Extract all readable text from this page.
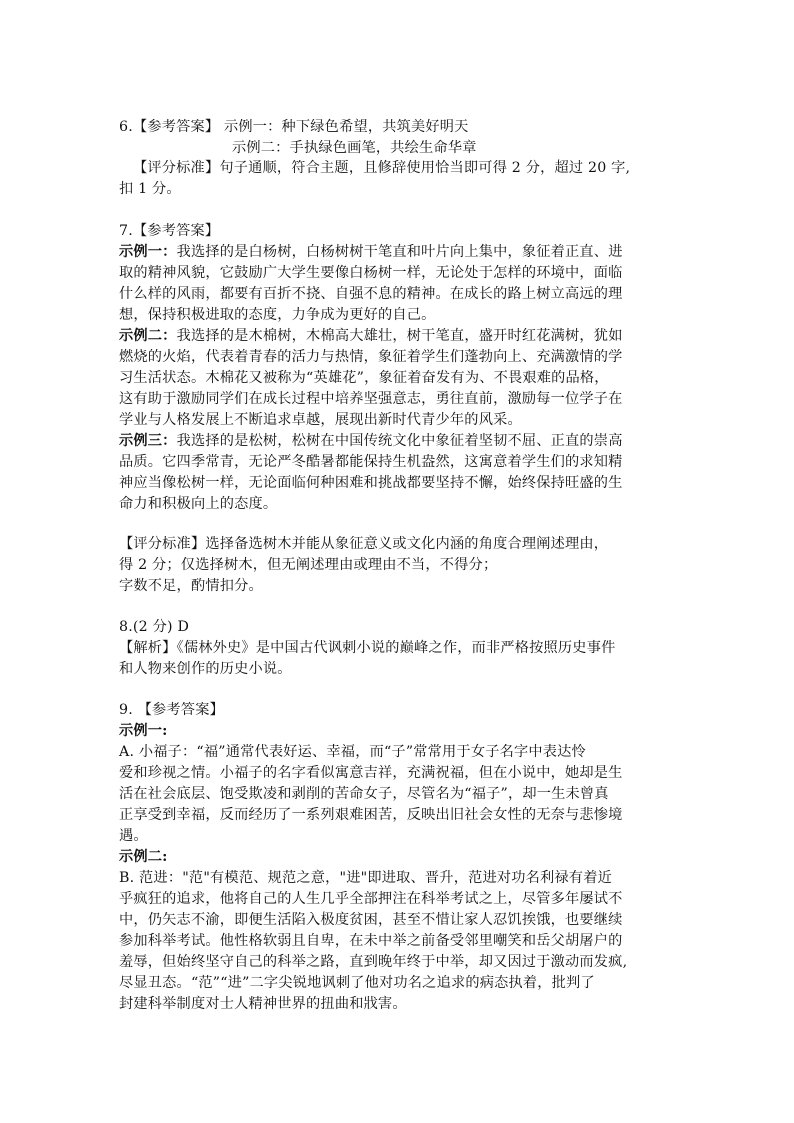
6.【参考答案】 示例一：种下绿色希望，共筑美好明天
示例二：手执绿色画笔，共绘生命华章
【评分标准】句子通顺，符合主题，且修辞使用恰当即可得 2 分，超过 20 字,
扣 1 分。
7.【参考答案】
示例一：我选择的是白杨树，白杨树树干笔直和叶片向上集中，象征着正直、进
取的精神风貌，它鼓励广大学生要像白杨树一样，无论处于怎样的环境中，面临
什么样的风雨，都要有百折不挠、自强不息的精神。在成长的路上树立高远的理
想，保持积极进取的态度，力争成为更好的自己。
示例二：我选择的是木棉树，木棉高大雄壮，树干笔直，盛开时红花满树，犹如
燃烧的火焰，代表着青春的活力与热情，象征着学生们蓬勃向上、充满激情的学
习生活状态。木棉花又被称为“英雄花”，象征着奋发有为、不畏艰难的品格，
这有助于激励同学们在成长过程中培养坚强意志，勇往直前，激励每一位学子在
学业与人格发展上不断追求卓越，展现出新时代青少年的风采。
示例三：我选择的是松树，松树在中国传统文化中象征着坚韧不屈、正直的崇高
品质。它四季常青，无论严冬酷暑都能保持生机盎然，这寓意着学生们的求知精
神应当像松树一样，无论面临何种困难和挑战都要坚持不懈，始终保持旺盛的生
命力和积极向上的态度。
【评分标准】选择备选树木并能从象征意义或文化内涵的角度合理阐述理由，
得 2 分；仅选择树木，但无阐述理由或理由不当，不得分；
字数不足，酌情扣分。
8.(2 分) D
【解析】《儒林外史》是中国古代讽刺小说的巅峰之作，而非严格按照历史事件
和人物来创作的历史小说。
9. 【参考答案】
示例一:
A. 小福子：“福”通常代表好运、幸福，而“子”常常用于女子名字中表达怜
爱和珍视之情。小福子的名字看似寓意吉祥，充满祝福，但在小说中，她却是生
活在社会底层、饱受欺凌和剥削的苦命女子，尽管名为“福子”，却一生未曾真
正享受到幸福，反而经历了一系列艰难困苦，反映出旧社会女性的无奈与悲惨境
遇。
示例二:
B. 范进："范"有模范、规范之意，"进"即进取、晋升，范进对功名利禄有着近
乎疯狂的追求，他将自己的人生几乎全部押注在科举考试之上，尽管多年屡试不
中，仍矢志不渝，即便生活陷入极度贫困，甚至不惜让家人忍饥挨饿，也要继续
参加科举考试。他性格软弱且自卑，在未中举之前备受邻里嘲笑和岳父胡屠户的
羞辱，但始终坚守自己的科举之路，直到晚年终于中举，却又因过于激动而发疯,
尽显丑态。“范”“进”二字尖锐地讽刺了他对功名之追求的病态执着，批判了
封建科举制度对士人精神世界的扭曲和戕害。
